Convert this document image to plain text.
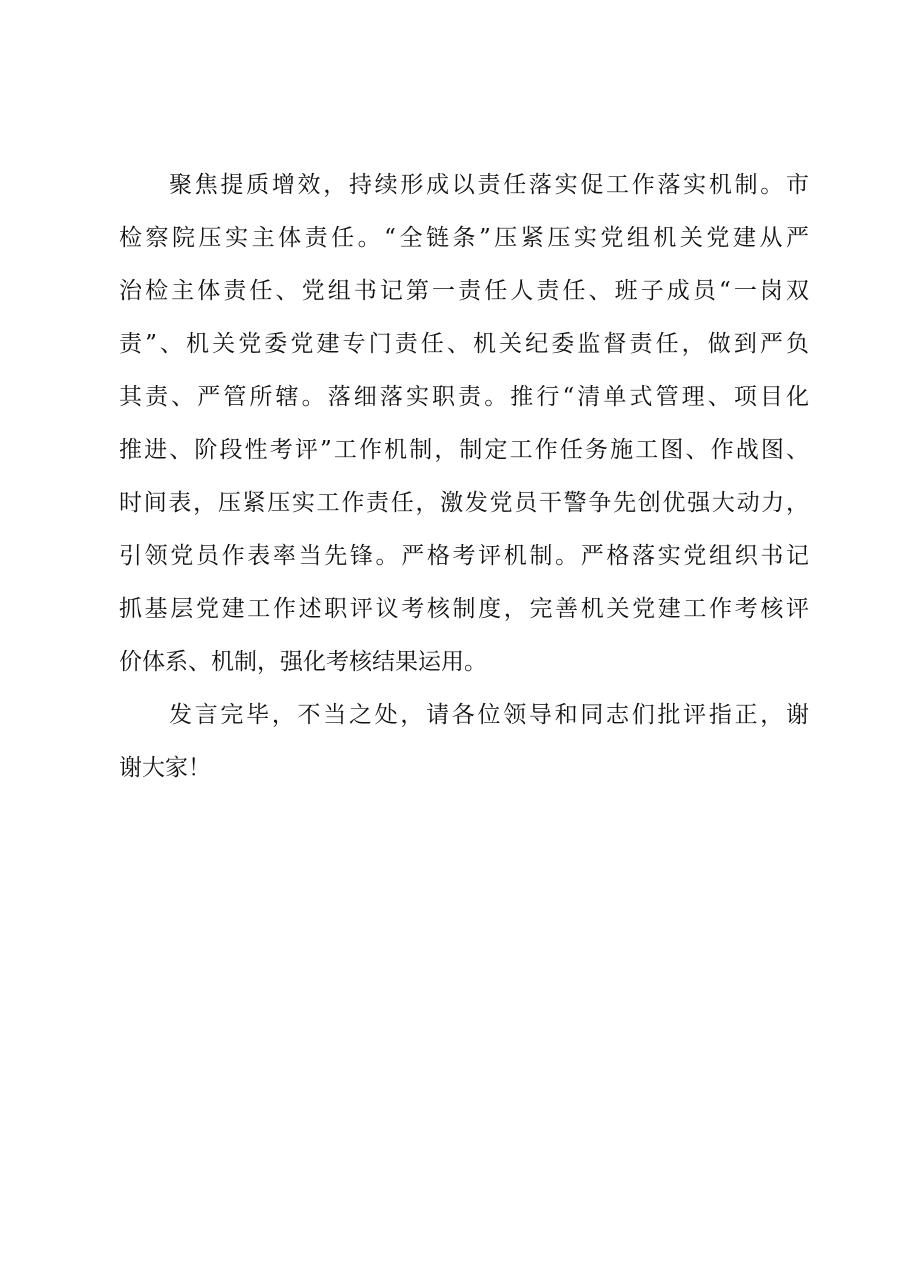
聚焦提质增效，持续形成以责任落实促工作落实机制。市
检察院压实主体责任。“全链条”压紧压实党组机关党建从严
治检主体责任、党组书记第一责任人责任、班子成员“一岗双
责”、机关党委党建专门责任、机关纪委监督责任，做到严负
其责、严管所辖。落细落实职责。推行“清单式管理、项目化
推进、阶段性考评”工作机制，制定工作任务施工图、作战图、
时间表，压紧压实工作责任，激发党员干警争先创优强大动力，
引领党员作表率当先锋。严格考评机制。严格落实党组织书记
抓基层党建工作述职评议考核制度，完善机关党建工作考核评
价体系、机制，强化考核结果运用。
发言完毕，不当之处，请各位领导和同志们批评指正，谢
谢大家！
